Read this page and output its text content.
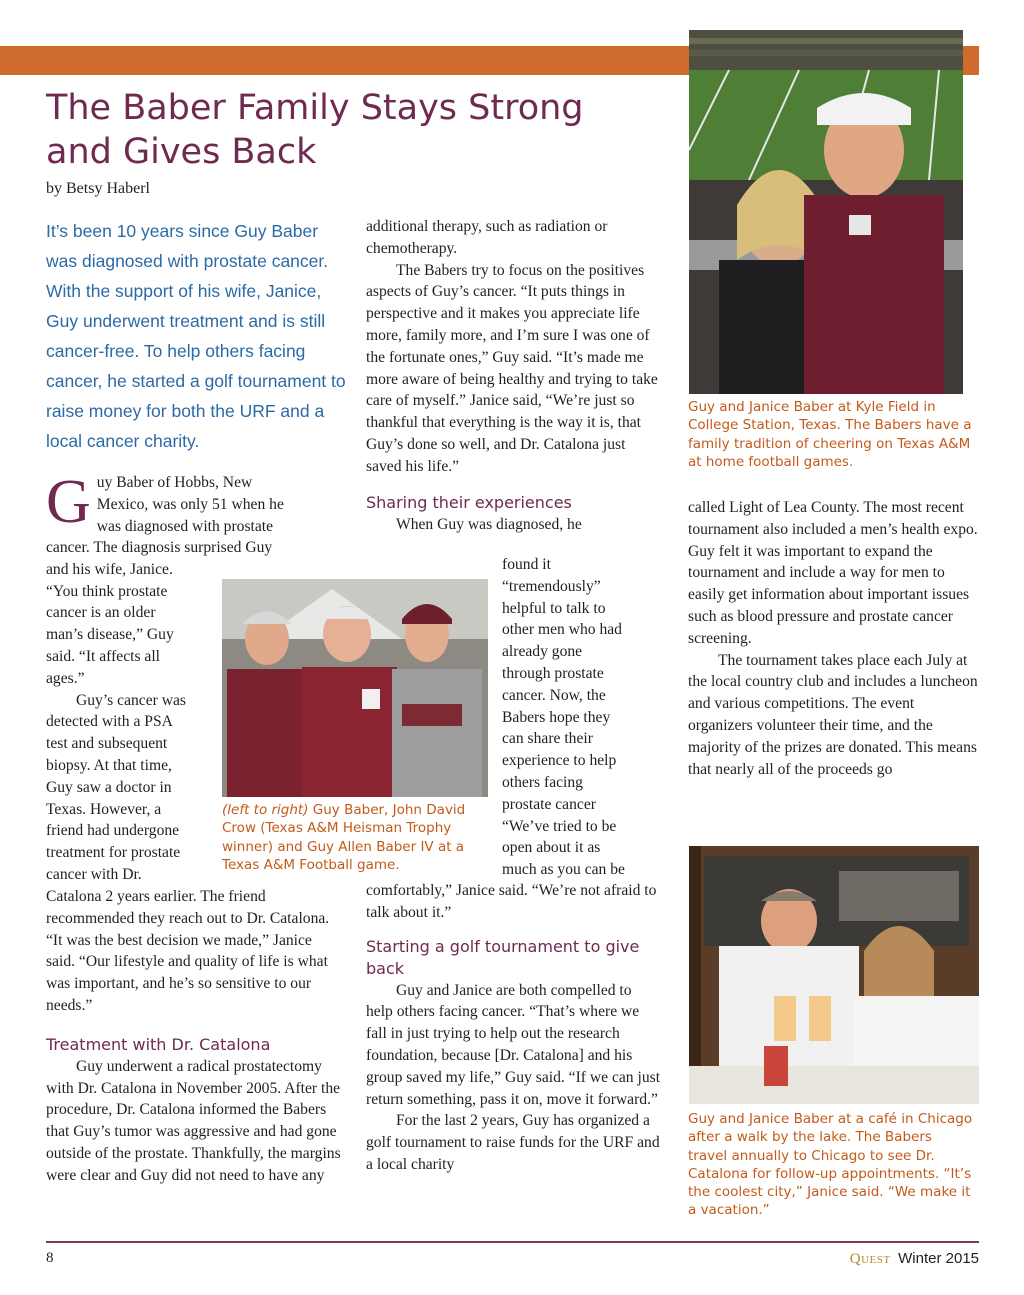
Guy and Janice Baber at Kyle Field in College Station, Texas. The Babers have a family tradition of cheering on Texas A&M at home football games.
The Baber Family Stays Strong and Gives Back
by Betsy Haberl

It’s been 10 years since Guy Baber was diagnosed with prostate cancer. With the support of his wife, Janice, Guy underwent treatment and is still cancer-free. To help others facing cancer, he started a golf tournament to raise money for both the URF and a local cancer charity.

G uy Baber of Hobbs, New
Mexico, was only 51 when he
was diagnosed with prostate
cancer. The diagnosis surprised Guy
and his wife, Janice.
“You think prostate
cancer is an older
man’s disease,” Guy
said. “It affects all
ages.”
Guy’s cancer was
detected with a PSA
test and subsequent
biopsy. At that time,
Guy saw a doctor in
Texas. However, a
friend had undergone
treatment for prostate
cancer with Dr.

Catalona 2 years earlier. The friend recommended they reach out to Dr. Catalona. “It was the best decision we made,” Janice said. “Our lifestyle and quality of life is what was important, and he’s so sensitive to our needs.”

Treatment with Dr. Catalona

Guy underwent a radical prostatectomy with Dr. Catalona in November 2005. After the procedure, Dr. Catalona informed the Babers that Guy’s tumor was aggressive and had gone outside of the prostate. Thankfully, the margins were clear and Guy did not need to have any

(left to right) Guy Baber, John David Crow (Texas A&M Heisman Trophy winner) and Guy Allen Baber IV at a Texas A&M Football game.

additional therapy, such as radiation or chemotherapy.

The Babers try to focus on the positives aspects of Guy’s cancer. “It puts things in perspective and it makes you appreciate life more, family more, and I’m sure I was one of the fortunate ones,” Guy said. “It’s made me more aware of being healthy and trying to take care of myself.” Janice said, “We’re just so thankful that everything is the way it is, that Guy’s done so well, and Dr. Catalona just saved his life.”

Sharing their experiences
When Guy was diagnosed, he
found it
“tremendously”
helpful to talk to
other men who had
already gone
through prostate
cancer. Now, the
Babers hope they
can share their
experience to help
others facing
prostate cancer
“We’ve tried to be
open about it as
much as you can be

comfortably,” Janice said. “We’re not afraid to talk about it.”

Starting a golf tournament to give back

Guy and Janice are both compelled to help others facing cancer. “That’s where we fall in just trying to help out the research foundation, because [Dr. Catalona] and his group saved my life,” Guy said. “If we can just return something, pass it on, move it forward.”

For the last 2 years, Guy has organized a golf tournament to raise funds for the URF and a local charity

called Light of Lea County. The most recent tournament also included a men’s health expo. Guy felt it was important to expand the tournament and include a way for men to easily get information about important issues such as blood pressure and prostate cancer screening.

The tournament takes place each July at the local country club and includes a luncheon and various competitions. The event organizers volunteer their time, and the majority of the prizes are donated. This means that nearly all of the proceeds go

Guy and Janice Baber at a café in Chicago after a walk by the lake. The Babers travel annually to Chicago to see Dr. Catalona for follow-up appointments. “It’s the coolest city,” Janice said. “We make it a vacation.”
8	Quest Winter 2015
